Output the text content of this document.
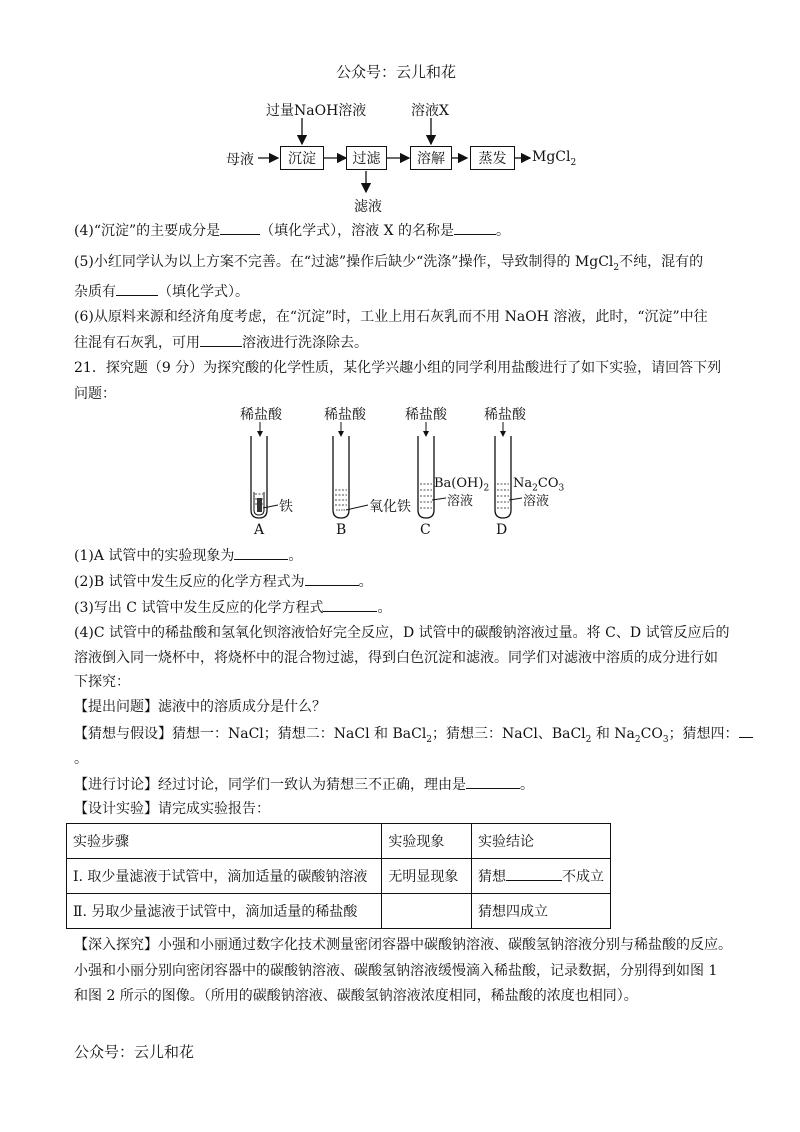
公众号：云儿和花
过量NaOH溶液	溶液X
母液	沉淀	过滤	溶解	蒸发	MgCl$_2$
滤液
(4)“沉淀”的主要成分是	（填化学式），溶液 X 的名称是	。
(5)小红同学认为以上方案不完善。在“过滤”操作后缺少“洗涤”操作，导致制得的 MgCl$_2$不纯，混有的
杂质有	（填化学式）。
(6)从原料来源和经济角度考虑，在“沉淀”时，工业上用石灰乳而不用 NaOH 溶液，此时，“沉淀”中往
往混有石灰乳，可用	溶液进行洗涤除去。
21．探究题（9 分）为探究酸的化学性质，某化学兴趣小组的同学利用盐酸进行了如下实验，请回答下列
问题：
稀盐酸	稀盐酸	稀盐酸	稀盐酸
铁	氧化铁
$Ba(OH)_2$
溶液
$Na_2CO_3$
溶液
A	B	C	D
(1)A 试管中的实验现象为	。
(2)B 试管中发生反应的化学方程式为	。
(3)写出 C 试管中发生反应的化学方程式	。
(4)C 试管中的稀盐酸和氢氧化钡溶液恰好完全反应，D 试管中的碳酸钠溶液过量。将 C、D 试管反应后的
溶液倒入同一烧杯中，将烧杯中的混合物过滤，得到白色沉淀和滤液。同学们对滤液中溶质的成分进行如
下探究：
【提出问题】滤液中的溶质成分是什么？
【猜想与假设】猜想一：NaCl；猜想二：NaCl 和 BaCl$_2$；猜想三：NaCl、BaCl$_2$ 和 $Na_2CO_3$；猜想四：
。
【进行讨论】经过讨论，同学们一致认为猜想三不正确，理由是	。
【设计实验】请完成实验报告：
实验步骤	实验现象	实验结论
Ⅰ. 取少量滤液于试管中，滴加适量的碳酸钠溶液	无明显现象	猜想 不成立
Ⅱ. 另取少量滤液于试管中，滴加适量的稀盐酸		猜想四成立
【深入探究】小强和小丽通过数字化技术测量密闭容器中碳酸钠溶液、碳酸氢钠溶液分别与稀盐酸的反应。
小强和小丽分别向密闭容器中的碳酸钠溶液、碳酸氢钠溶液缓慢滴入稀盐酸，记录数据，分别得到如图 1
和图 2 所示的图像。（所用的碳酸钠溶液、碳酸氢钠溶液浓度相同，稀盐酸的浓度也相同）。
公众号：云儿和花
